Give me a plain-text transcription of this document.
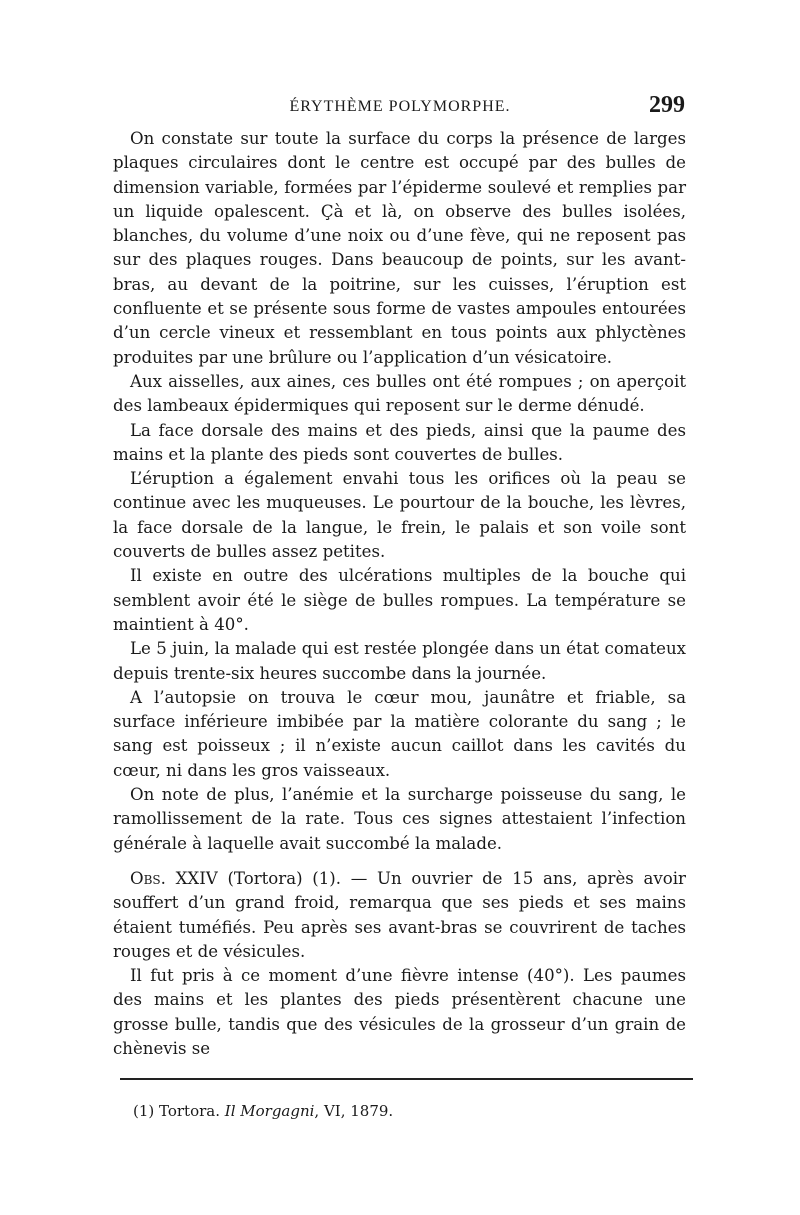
ÉRYTHÈME POLYMORPHE.	299

On constate sur toute la surface du corps la présence de larges plaques circulaires dont le centre est occupé par des bulles de dimension variable, formées par l’épiderme soulevé et remplies par un liquide opalescent. Çà et là, on observe des bulles isolées, blanches, du volume d’une noix ou d’une fève, qui ne reposent pas sur des plaques rouges. Dans beaucoup de points, sur les avant-bras, au devant de la poitrine, sur les cuisses, l’éruption est confluente et se présente sous forme de vastes ampoules entourées d’un cercle vineux et ressemblant en tous points aux phlyctènes produites par une brûlure ou l’application d’un vésicatoire.

Aux aisselles, aux aines, ces bulles ont été rompues ; on aperçoit des lambeaux épidermiques qui reposent sur le derme dénudé.

La face dorsale des mains et des pieds, ainsi que la paume des mains et la plante des pieds sont couvertes de bulles.

L’éruption a également envahi tous les orifices où la peau se continue avec les muqueuses. Le pourtour de la bouche, les lèvres, la face dorsale de la langue, le frein, le palais et son voile sont couverts de bulles assez petites.

Il existe en outre des ulcérations multiples de la bouche qui semblent avoir été le siège de bulles rompues. La température se maintient à 40°.

Le 5 juin, la malade qui est restée plongée dans un état comateux depuis trente-six heures succombe dans la journée.

A l’autopsie on trouva le cœur mou, jaunâtre et friable, sa surface inférieure imbibée par la matière colorante du sang ; le sang est poisseux ; il n’existe aucun caillot dans les cavités du cœur, ni dans les gros vaisseaux.

On note de plus, l’anémie et la surcharge poisseuse du sang, le ramollissement de la rate. Tous ces signes attestaient l’infection générale à laquelle avait succombé la malade.

Obs. XXIV (Tortora) (1). — Un ouvrier de 15 ans, après avoir souffert d’un grand froid, remarqua que ses pieds et ses mains étaient tuméfiés. Peu après ses avant-bras se couvrirent de taches rouges et de vésicules.

Il fut pris à ce moment d’une fièvre intense (40°). Les paumes des mains et les plantes des pieds présentèrent chacune une grosse bulle, tandis que des vésicules de la grosseur d’un grain de chènevis se

(1) Tortora. Il Morgagni, VI, 1879.
